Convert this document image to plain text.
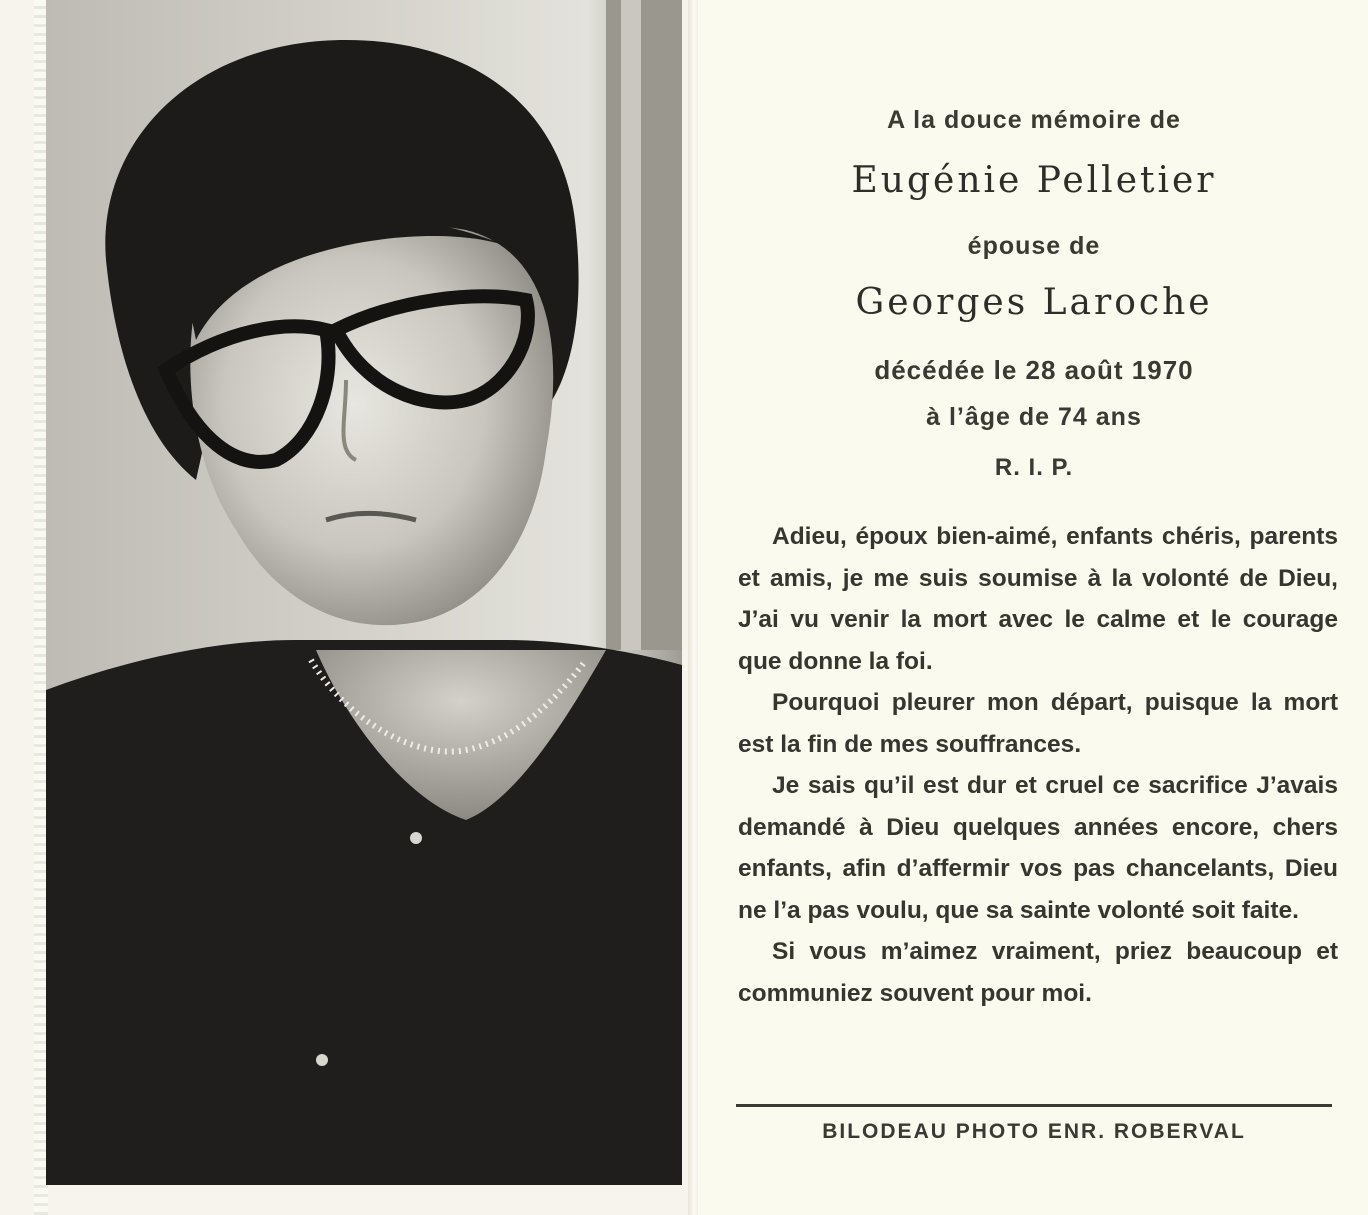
A la douce mémoire de
Eugénie Pelletier
épouse de
Georges Laroche
décédée le 28 août 1970
à l’âge de 74 ans
R. I. P.

Adieu, époux bien-aimé, enfants chéris, parents et amis, je me suis soumise à la volonté de Dieu, J’ai vu venir la mort avec le calme et le courage que donne la foi.

Pourquoi pleurer mon départ, puisque la mort est la fin de mes souffrances.

Je sais qu’il est dur et cruel ce sacrifice J’avais demandé à Dieu quelques années encore, chers enfants, afin d’affermir vos pas chancelants, Dieu ne l’a pas voulu, que sa sainte volonté soit faite.

Si vous m’aimez vraiment, priez beaucoup et communiez souvent pour moi.

BILODEAU PHOTO ENR. ROBERVAL
